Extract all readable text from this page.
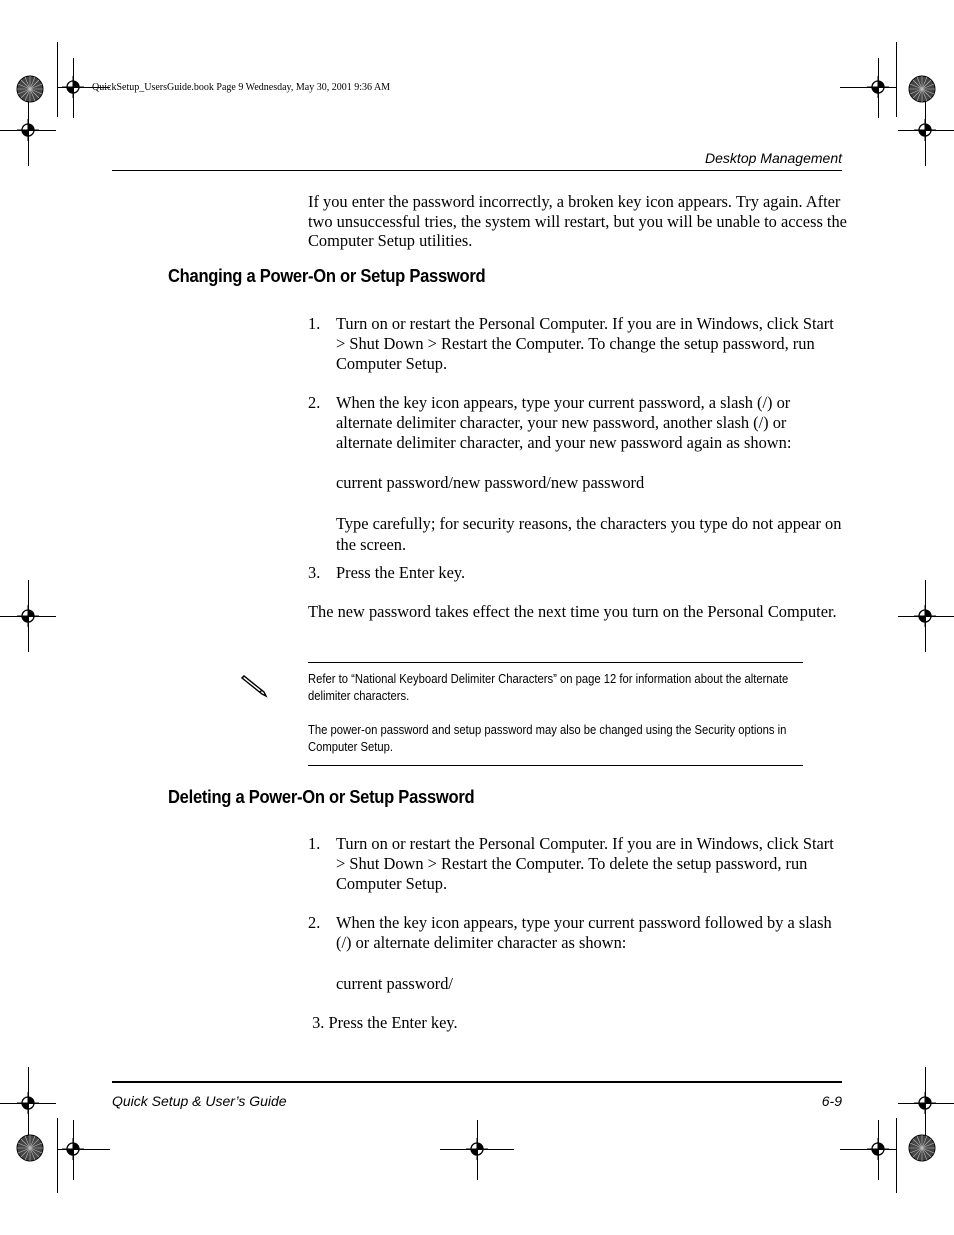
QuickSetup_UsersGuide.book Page 9 Wednesday, May 30, 2001 9:36 AM
Desktop Management
If you enter the password incorrectly, a broken key icon appears. Try again. After two unsuccessful tries, the system will restart, but you will be unable to access the Computer Setup utilities.
Changing a Power-On or Setup Password
1. Turn on or restart the Personal Computer. If you are in Windows, click Start > Shut Down > Restart the Computer. To change the setup password, run Computer Setup.
2. When the key icon appears, type your current password, a slash (/) or alternate delimiter character, your new password, another slash (/) or alternate delimiter character, and your new password again as shown:
current password/new password/new password
Type carefully; for security reasons, the characters you type do not appear on the screen.
3. Press the Enter key.
The new password takes effect the next time you turn on the Personal Computer.
Refer to “National Keyboard Delimiter Characters” on page 12 for information about the alternate delimiter characters.
The power-on password and setup password may also be changed using the Security options in Computer Setup.
Deleting a Power-On or Setup Password
1. Turn on or restart the Personal Computer. If you are in Windows, click Start > Shut Down > Restart the Computer. To delete the setup password, run Computer Setup.
2. When the key icon appears, type your current password followed by a slash (/) or alternate delimiter character as shown:
current password/
3. Press the Enter key.
Quick Setup & User’s Guide	6-9
